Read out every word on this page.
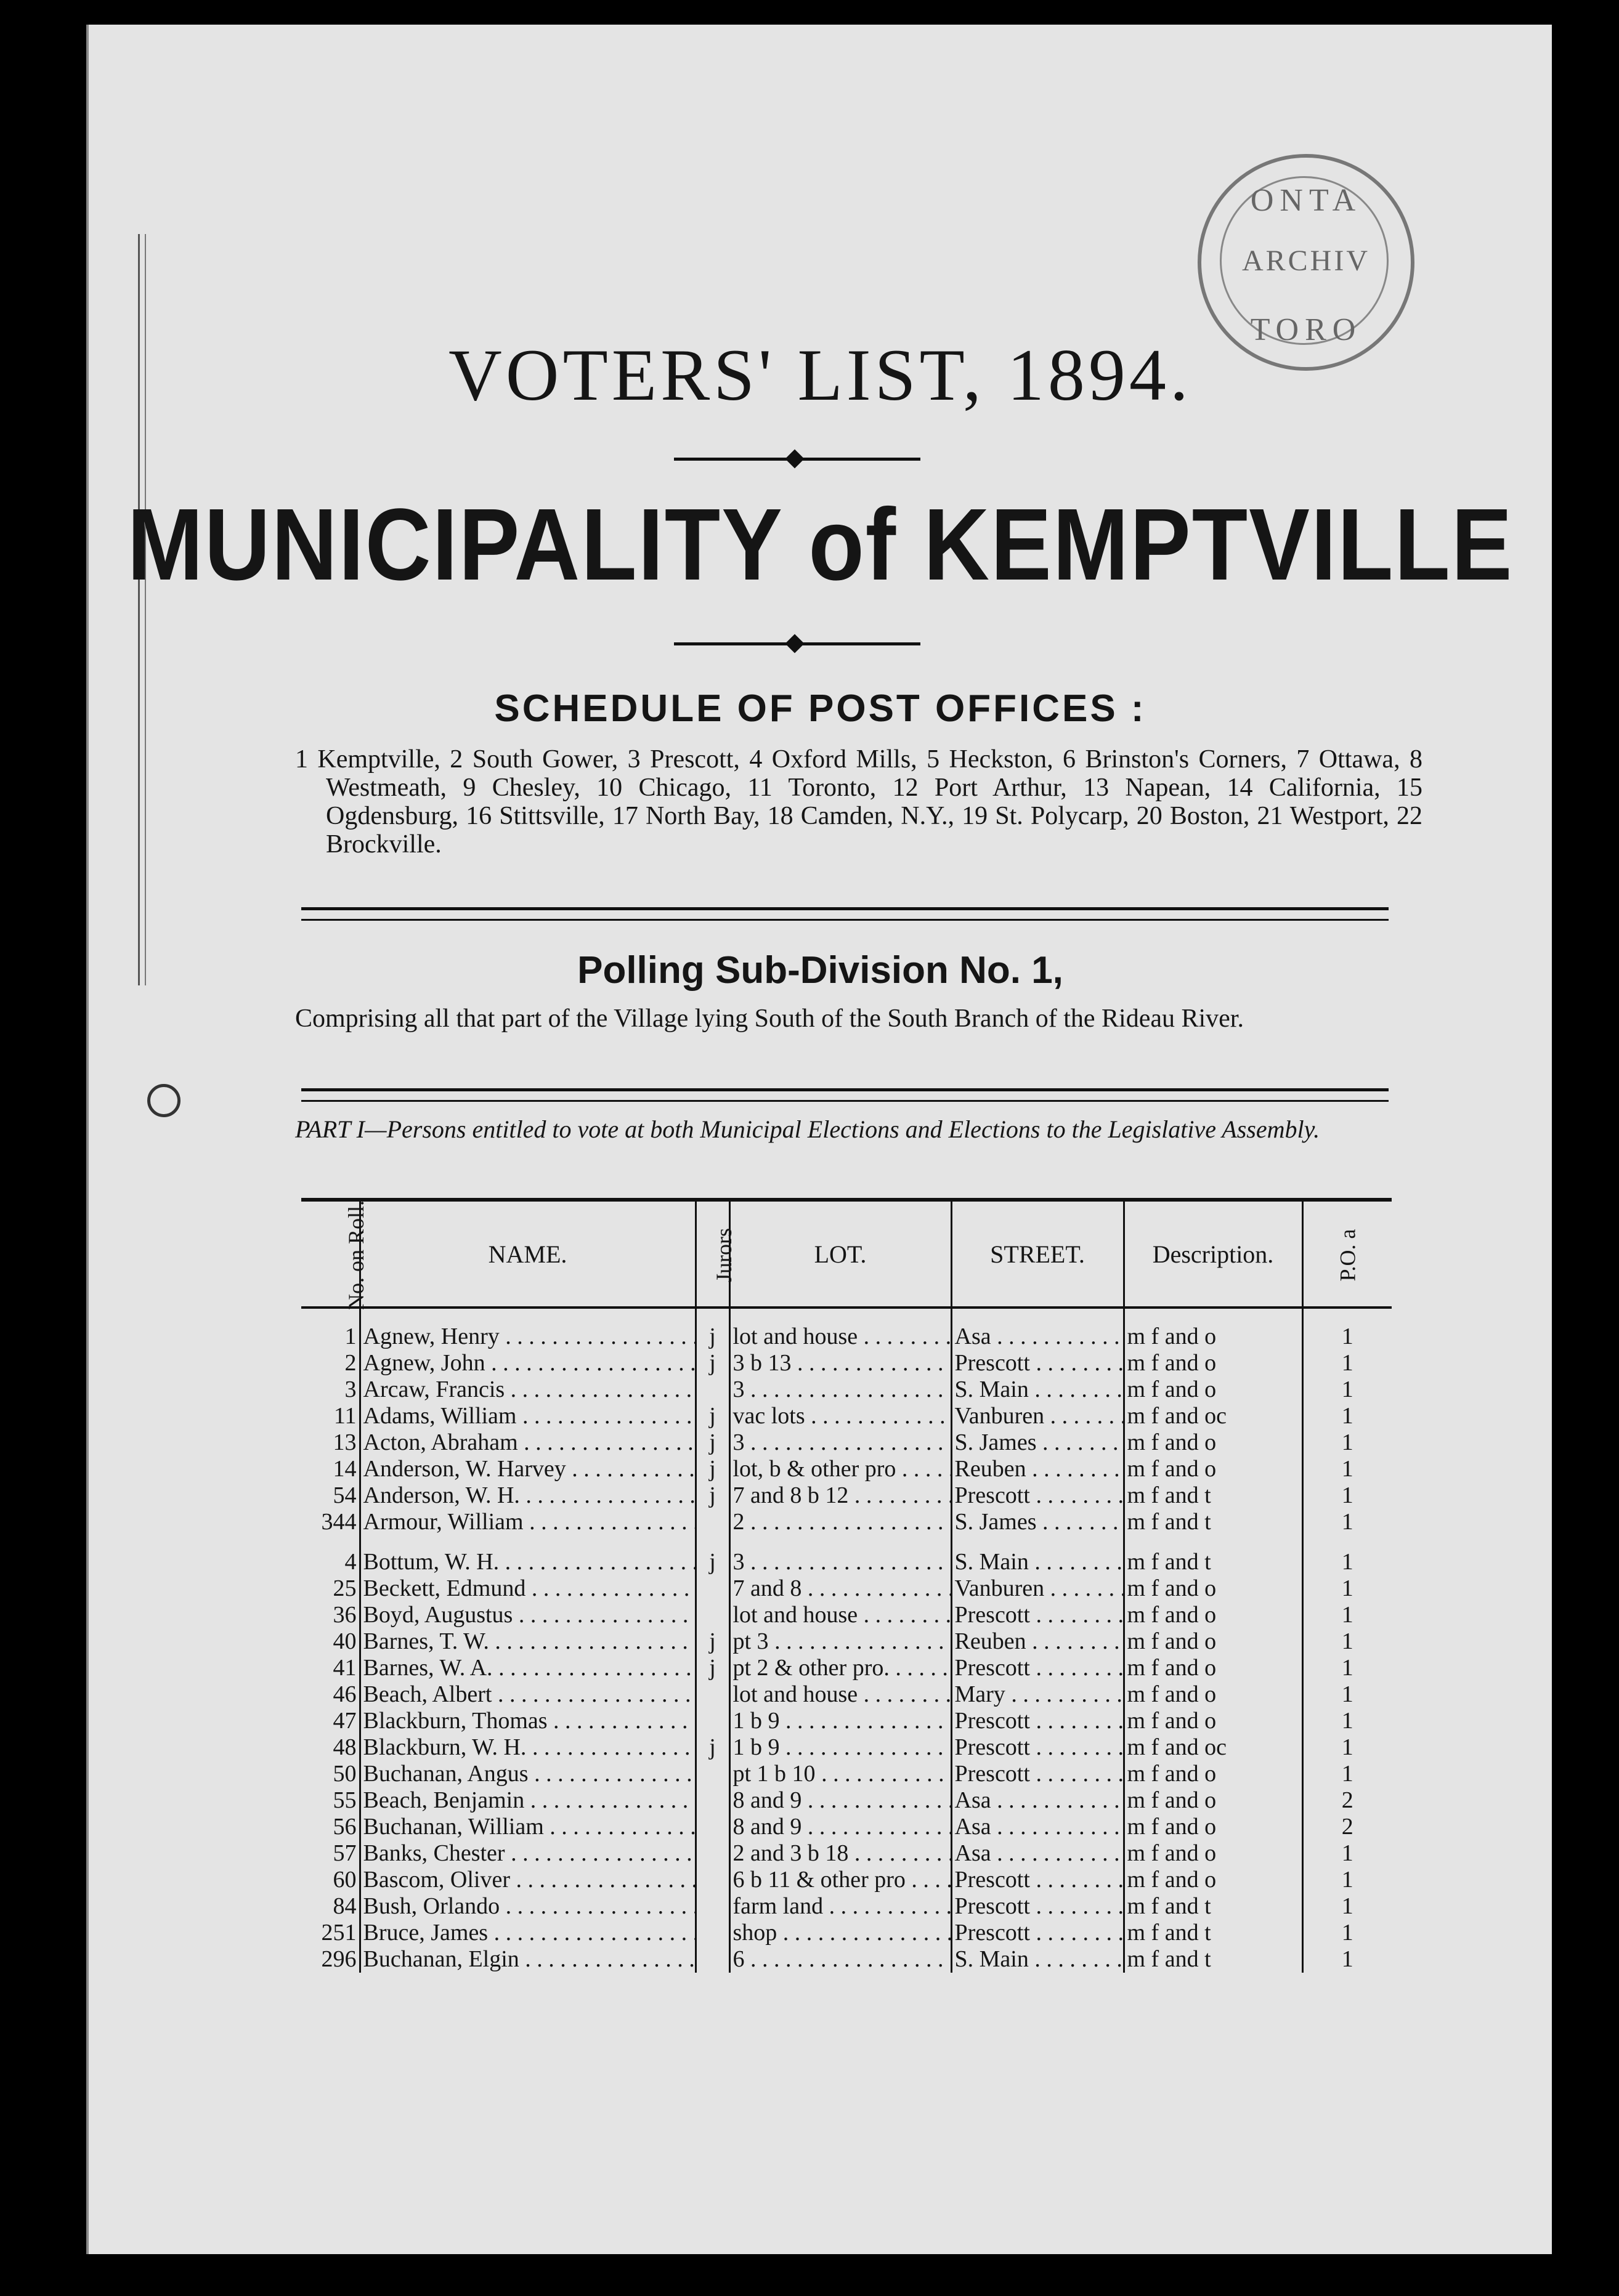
ONTA
ARCHIV
TORO
VOTERS' LIST, 1894.
MUNICIPALITY of KEMPTVILLE
SCHEDULE OF POST OFFICES :
1 Kemptville, 2 South Gower, 3 Prescott, 4 Oxford Mills, 5 Heckston, 6 Brinston's Corners, 7 Ottawa, 8 Westmeath, 9 Chesley, 10 Chicago, 11 Toronto, 12 Port Arthur, 13 Napean, 14 California, 15 Ogdensburg, 16 Stittsville, 17 North Bay, 18 Camden, N.Y., 19 St. Polycarp, 20 Boston, 21 Westport, 22 Brockville.
Polling Sub-Division No. 1,
Comprising all that part of the Village lying South of the South Branch of the Rideau River.
PART I—Persons entitled to vote at both Municipal Elections and Elections to the Legislative Assembly.
No. on Roll.	NAME.	Jurors	LOT.	STREET.	Description.	P.O. a
1	Agnew, Henry . . .	j	lot and house . . .	Asa . . .	m f and o	1
2	Agnew, John . . .	j	3 b 13 . . .	Prescott . . .	m f and o	1
3	Arcaw, Francis . . .		3 . . .	S. Main . . .	m f and o	1
11	Adams, William . . .	j	vac lots . . .	Vanburen . . .	m f and oc	1
13	Acton, Abraham . . .	j	3 . . .	S. James . . .	m f and o	1
14	Anderson, W. Harvey . . .	j	lot, b & other pro . . .	Reuben . . .	m f and o	1
54	Anderson, W. H. . . .	j	7 and 8 b 12 . . .	Prescott . . .	m f and t	1
344	Armour, William . . .		2 . . .	S. James . . .	m f and t	1
4	Bottum, W. H. . . .	j	3 . . .	S. Main . . .	m f and t	1
25	Beckett, Edmund . . .		7 and 8 . . .	Vanburen . . .	m f and o	1
36	Boyd, Augustus . . .		lot and house . . .	Prescott . . .	m f and o	1
40	Barnes, T. W. . . .	j	pt 3 . . .	Reuben . . .	m f and o	1
41	Barnes, W. A. . . .	j	pt 2 & other pro. . . .	Prescott . . .	m f and o	1
46	Beach, Albert . . .		lot and house . . .	Mary . . .	m f and o	1
47	Blackburn, Thomas . . .		1 b 9 . . .	Prescott . . .	m f and o	1
48	Blackburn, W. H. . . .	j	1 b 9 . . .	Prescott . . .	m f and oc	1
50	Buchanan, Angus . . .		pt 1 b 10 . . .	Prescott . . .	m f and o	1
55	Beach, Benjamin . . .		8 and 9 . . .	Asa . . .	m f and o	2
56	Buchanan, William . . .		8 and 9 . . .	Asa . . .	m f and o	2
57	Banks, Chester . . .		2 and 3 b 18 . . .	Asa . . .	m f and o	1
60	Bascom, Oliver . . .		6 b 11 & other pro . . .	Prescott . . .	m f and o	1
84	Bush, Orlando . . .		farm land . . .	Prescott . . .	m f and t	1
251	Bruce, James . . .		shop . . .	Prescott . . .	m f and t	1
296	Buchanan, Elgin . . .		6 . . .	S. Main . . .	m f and t	1
